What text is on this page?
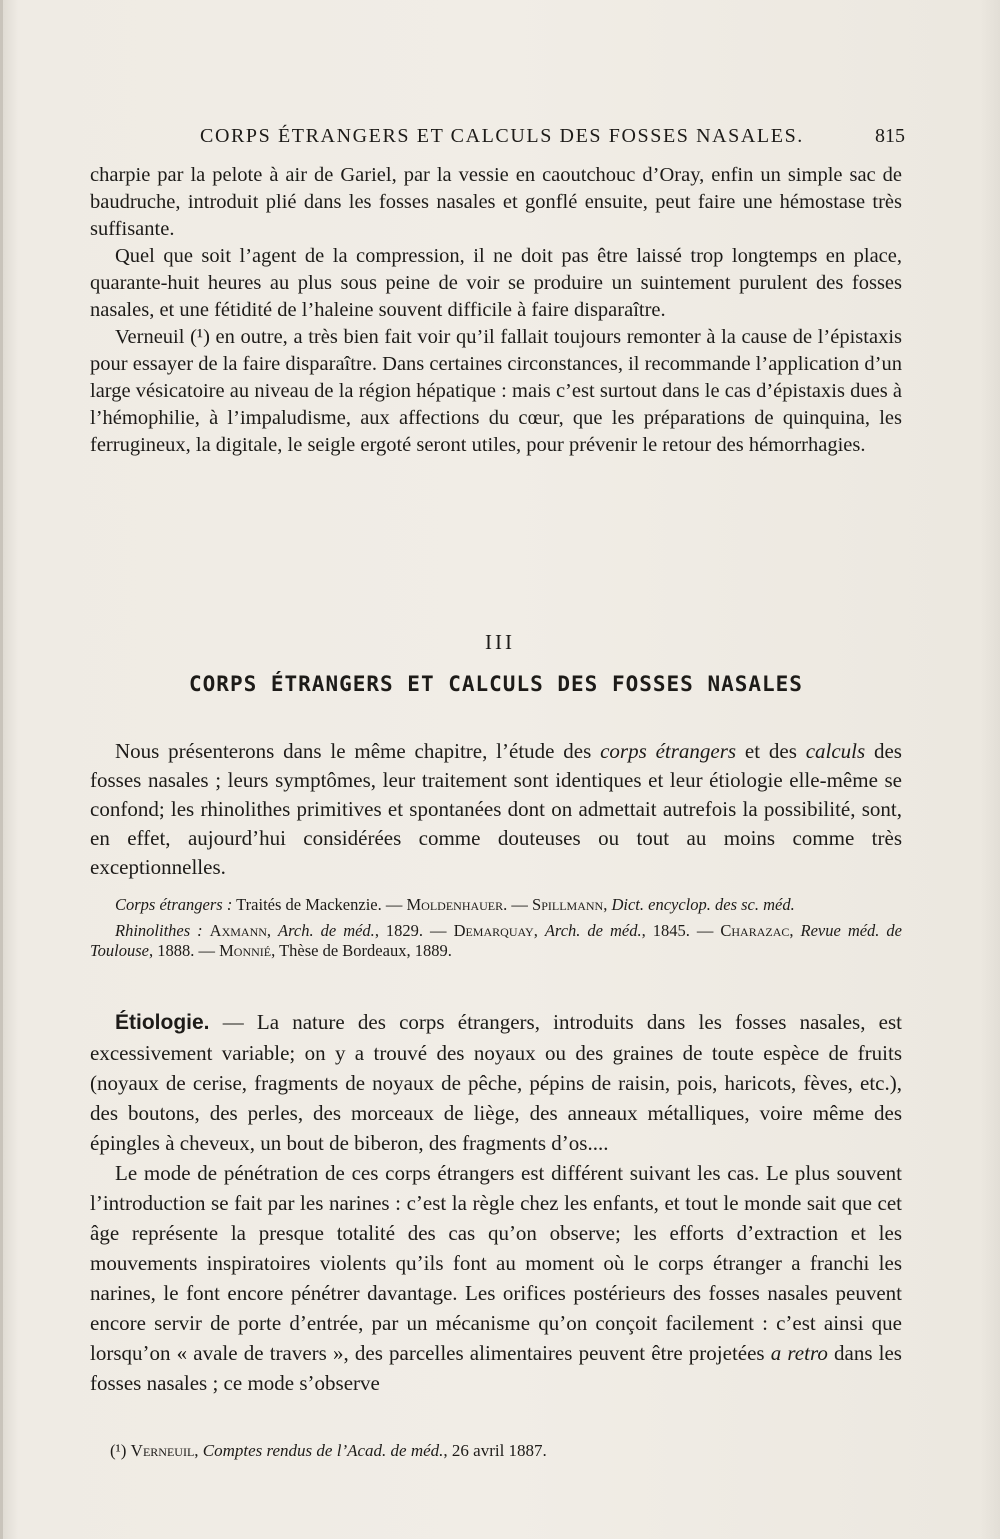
CORPS ÉTRANGERS ET CALCULS DES FOSSES NASALES.	815

charpie par la pelote à air de Gariel, par la vessie en caoutchouc d’Oray, enfin un simple sac de baudruche, introduit plié dans les fosses nasales et gonflé ensuite, peut faire une hémostase très suffisante.

Quel que soit l’agent de la compression, il ne doit pas être laissé trop longtemps en place, quarante-huit heures au plus sous peine de voir se produire un suintement purulent des fosses nasales, et une fétidité de l’haleine souvent difficile à faire disparaître.

Verneuil (¹) en outre, a très bien fait voir qu’il fallait toujours remonter à la cause de l’épistaxis pour essayer de la faire disparaître. Dans certaines circonstances, il recommande l’application d’un large vésicatoire au niveau de la région hépatique : mais c’est surtout dans le cas d’épistaxis dues à l’hémophilie, à l’impaludisme, aux affections du cœur, que les préparations de quinquina, les ferrugineux, la digitale, le seigle ergoté seront utiles, pour prévenir le retour des hémorrhagies.

III
CORPS ÉTRANGERS ET CALCULS DES FOSSES NASALES

Nous présenterons dans le même chapitre, l’étude des corps étrangers et des calculs des fosses nasales ; leurs symptômes, leur traitement sont identiques et leur étiologie elle-même se confond; les rhinolithes primitives et spontanées dont on admettait autrefois la possibilité, sont, en effet, aujourd’hui considérées comme douteuses ou tout au moins comme très exceptionnelles.

Corps étrangers : Traités de Mackenzie. — Moldenhauer. — Spillmann, Dict. encyclop. des sc. méd.

Rhinolithes : Axmann, Arch. de méd., 1829. — Demarquay, Arch. de méd., 1845. — Charazac, Revue méd. de Toulouse, 1888. — Monnié, Thèse de Bordeaux, 1889.

Étiologie. — La nature des corps étrangers, introduits dans les fosses nasales, est excessivement variable; on y a trouvé des noyaux ou des graines de toute espèce de fruits (noyaux de cerise, fragments de noyaux de pêche, pépins de raisin, pois, haricots, fèves, etc.), des boutons, des perles, des morceaux de liège, des anneaux métalliques, voire même des épingles à cheveux, un bout de biberon, des fragments d’os....

Le mode de pénétration de ces corps étrangers est différent suivant les cas. Le plus souvent l’introduction se fait par les narines : c’est la règle chez les enfants, et tout le monde sait que cet âge représente la presque totalité des cas qu’on observe; les efforts d’extraction et les mouvements inspiratoires violents qu’ils font au moment où le corps étranger a franchi les narines, le font encore pénétrer davantage. Les orifices postérieurs des fosses nasales peuvent encore servir de porte d’entrée, par un mécanisme qu’on conçoit facilement : c’est ainsi que lorsqu’on « avale de travers », des parcelles alimentaires peuvent être projetées a retro dans les fosses nasales ; ce mode s’observe

(¹) Verneuil, Comptes rendus de l’Acad. de méd., 26 avril 1887.
